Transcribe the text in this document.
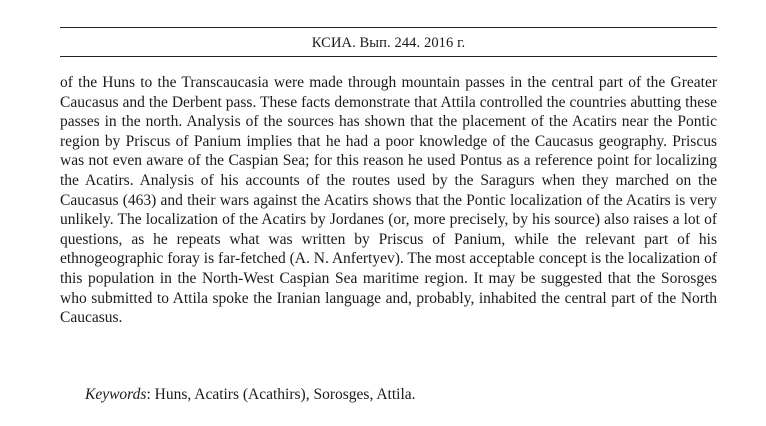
КСИА. Вып. 244. 2016 г.

of the Huns to the Transcaucasia were made through mountain passes in the central part of the Greater Caucasus and the Derbent pass. These facts demonstrate that Attila controlled the countries abutting these passes in the north. Analysis of the sources has shown that the placement of the Acatirs near the Pontic region by Priscus of Panium implies that he had a poor knowledge of the Caucasus geography. Priscus was not even aware of the Caspian Sea; for this reason he used Pontus as a reference point for localizing the Acatirs. Analysis of his accounts of the routes used by the Saragurs when they marched on the Caucasus (463) and their wars against the Acatirs shows that the Pontic localization of the Acatirs is very unlikely. The localization of the Acatirs by Jordanes (or, more precisely, by his source) also raises a lot of questions, as he repeats what was written by Priscus of Panium, while the relevant part of his ethnogeographic foray is far-fetched (A. N. Anfertyev). The most acceptable concept is the localization of this population in the North-West Caspian Sea maritime region. It may be suggested that the Sorosges who submitted to Attila spoke the Iranian language and, probably, inhabited the central part of the North Caucasus.

Keywords: Huns, Acatirs (Acathirs), Sorosges, Attila.
